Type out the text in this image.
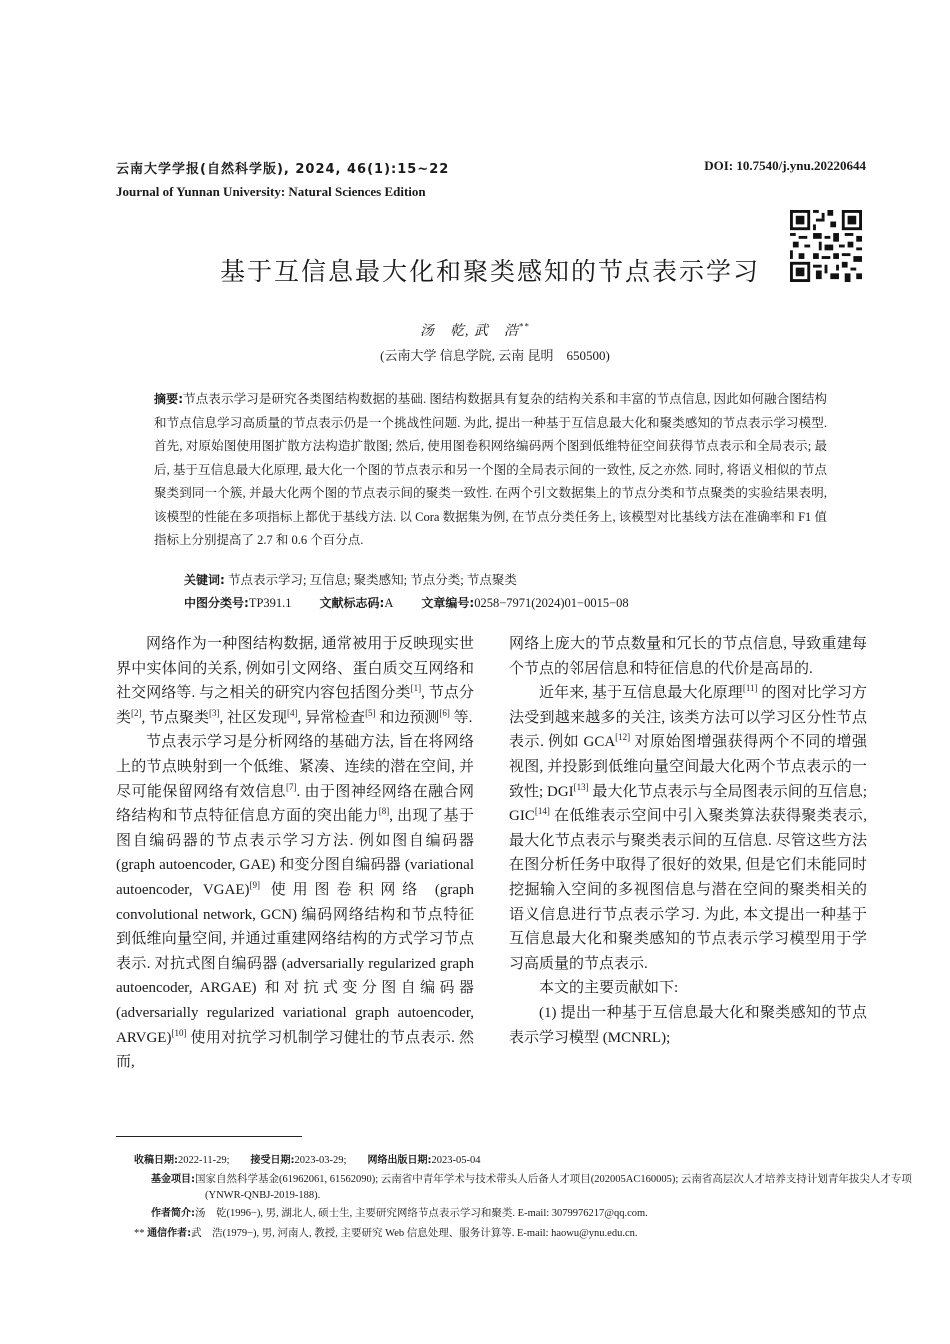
云南大学学报(自然科学版), 2024, 46(1):15~22
Journal of Yunnan University: Natural Sciences Edition
DOI: 10.7540/j.ynu.20220644
基于互信息最大化和聚类感知的节点表示学习
汤　乾, 武　浩**
(云南大学 信息学院, 云南 昆明　650500)
摘要:节点表示学习是研究各类图结构数据的基础. 图结构数据具有复杂的结构关系和丰富的节点信息, 因此如何融合图结构和节点信息学习高质量的节点表示仍是一个挑战性问题. 为此, 提出一种基于互信息最大化和聚类感知的节点表示学习模型. 首先, 对原始图使用图扩散方法构造扩散图; 然后, 使用图卷积网络编码两个图到低维特征空间获得节点表示和全局表示; 最后, 基于互信息最大化原理, 最大化一个图的节点表示和另一个图的全局表示间的一致性, 反之亦然. 同时, 将语义相似的节点聚类到同一个簇, 并最大化两个图的节点表示间的聚类一致性. 在两个引文数据集上的节点分类和节点聚类的实验结果表明, 该模型的性能在多项指标上都优于基线方法. 以 Cora 数据集为例, 在节点分类任务上, 该模型对比基线方法在准确率和 F1 值指标上分别提高了 2.7 和 0.6 个百分点.
关键词: 节点表示学习; 互信息; 聚类感知; 节点分类; 节点聚类
中图分类号:TP391.1 文献标志码:A 文章编号:0258−7971(2024)01−0015−08

网络作为一种图结构数据, 通常被用于反映现实世界中实体间的关系, 例如引文网络、蛋白质交互网络和社交网络等. 与之相关的研究内容包括图分类[1], 节点分类[2], 节点聚类[3], 社区发现[4], 异常检查[5] 和边预测[6] 等.

节点表示学习是分析网络的基础方法, 旨在将网络上的节点映射到一个低维、紧凑、连续的潜在空间, 并尽可能保留网络有效信息[7]. 由于图神经网络在融合网络结构和节点特征信息方面的突出能力[8], 出现了基于图自编码器的节点表示学习方法. 例如图自编码器 (graph autoencoder, GAE) 和变分图自编码器 (variational autoencoder, VGAE)[9] 使用图卷积网络 (graph convolutional network, GCN) 编码网络结构和节点特征到低维向量空间, 并通过重建网络结构的方式学习节点表示. 对抗式图自编码器 (adversarially regularized graph autoencoder, ARGAE) 和对抗式变分图自编码器 (adversarially regularized variational graph autoencoder, ARVGE)[10] 使用对抗学习机制学习健壮的节点表示. 然而,

网络上庞大的节点数量和冗长的节点信息, 导致重建每个节点的邻居信息和特征信息的代价是高昂的.

近年来, 基于互信息最大化原理[11] 的图对比学习方法受到越来越多的关注, 该类方法可以学习区分性节点表示. 例如 GCA[12] 对原始图增强获得两个不同的增强视图, 并投影到低维向量空间最大化两个节点表示的一致性; DGI[13] 最大化节点表示与全局图表示间的互信息; GIC[14] 在低维表示空间中引入聚类算法获得聚类表示, 最大化节点表示与聚类表示间的互信息. 尽管这些方法在图分析任务中取得了很好的效果, 但是它们未能同时挖掘输入空间的多视图信息与潜在空间的聚类相关的语义信息进行节点表示学习. 为此, 本文提出一种基于互信息最大化和聚类感知的节点表示学习模型用于学习高质量的节点表示.

本文的主要贡献如下:

(1) 提出一种基于互信息最大化和聚类感知的节点表示学习模型 (MCNRL);

收稿日期:2022-11-29;   接受日期:2023-03-29;   网络出版日期:2023-05-04
基金项目:国家自然科学基金(61962061, 61562090); 云南省中青年学术与技术带头人后备人才项目(202005AC160005); 云南省高层次人才培养支持计划青年拔尖人才专项(YNWR-QNBJ-2019-188).
作者简介:汤　乾(1996−), 男, 湖北人, 硕士生, 主要研究网络节点表示学习和聚类. E-mail: 3079976217@qq.com.
** 通信作者:武　浩(1979−), 男, 河南人, 教授, 主要研究 Web 信息处理、服务计算等. E-mail: haowu@ynu.edu.cn.
